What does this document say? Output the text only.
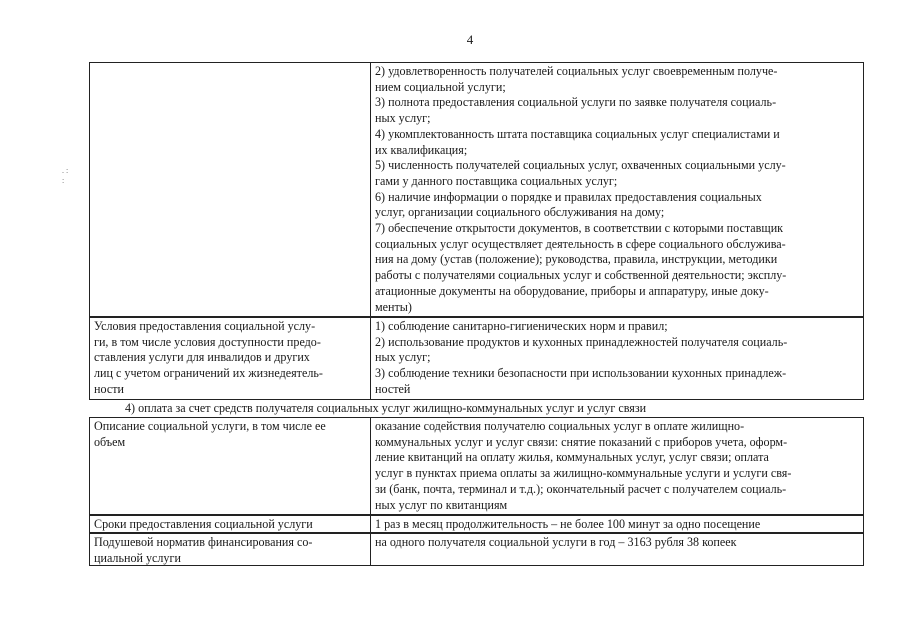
4
. : :
2) удовлетворенность получателей социальных услуг своевременным получе-
нием социальной услуги;
3) полнота предоставления социальной услуги по заявке получателя социаль-
ных услуг;
4) укомплектованность штата поставщика социальных услуг специалистами и
их квалификация;
5) численность получателей социальных услуг, охваченных социальными услу-
гами у данного поставщика социальных услуг;
6) наличие информации о порядке и правилах предоставления социальных
услуг, организации социального обслуживания на дому;
7) обеспечение открытости документов, в соответствии с которыми поставщик
социальных услуг осуществляет деятельность в сфере социального обслужива-
ния на дому (устав (положение); руководства, правила, инструкции, методики
работы с получателями социальных услуг и собственной деятельности; эксплу-
атационные документы на оборудование, приборы и аппаратуру, иные доку-
менты)
Условия предоставления социальной услу-
ги, в том числе условия доступности предо-
ставления услуги для инвалидов и других
лиц с учетом ограничений их жизнедеятель-
ности
1) соблюдение санитарно-гигиенических норм и правил;
2) использование продуктов и кухонных принадлежностей получателя социаль-
ных услуг;
3) соблюдение техники безопасности при использовании кухонных принадлеж-
ностей
4) оплата за счет средств получателя социальных услуг жилищно-коммунальных услуг и услуг связи
Описание социальной услуги, в том числе ее
объем
оказание содействия получателю социальных услуг в оплате жилищно-
коммунальных услуг и услуг связи: снятие показаний с приборов учета, оформ-
ление квитанций на оплату жилья, коммунальных услуг, услуг связи; оплата
услуг в пунктах приема оплаты за жилищно-коммунальные услуги и услуги свя-
зи (банк, почта, терминал и т.д.); окончательный расчет с получателем социаль-
ных услуг по квитанциям
Сроки предоставления социальной услуги	1 раз в месяц продолжительность – не более 100 минут за одно посещение
Подушевой норматив финансирования со-
циальной услуги
на одного получателя социальной услуги в год – 3163 рубля 38 копеек
